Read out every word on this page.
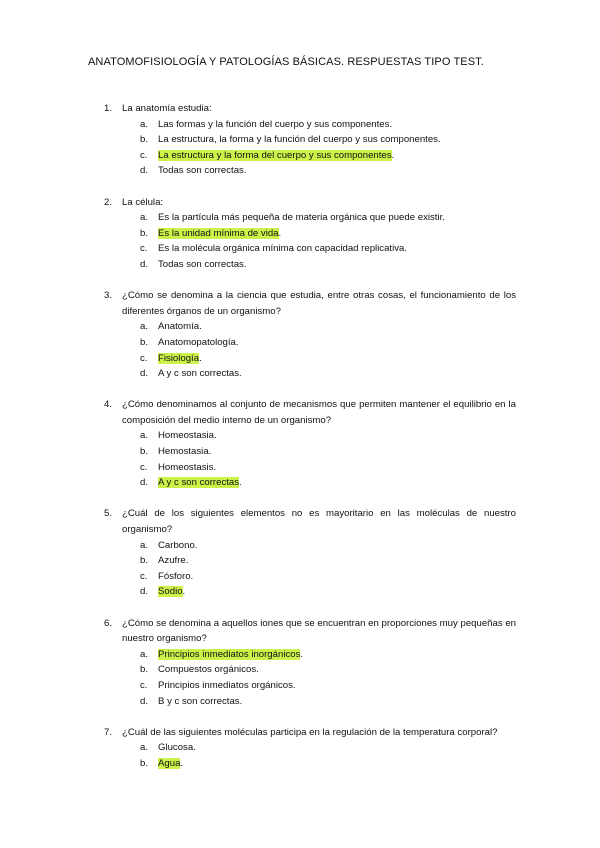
ANATOMOFISIOLOGÍA Y PATOLOGÍAS BÁSICAS. RESPUESTAS TIPO TEST.
1. La anatomía estudia:
a. Las formas y la función del cuerpo y sus componentes.
b. La estructura, la forma y la función del cuerpo y sus componentes.
c. La estructura y la forma del cuerpo y sus componentes.
d. Todas son correctas.
2. La célula:
a. Es la partícula más pequeña de materia orgánica que puede existir.
b. Es la unidad mínima de vida.
c. Es la molécula orgánica mínima con capacidad replicativa.
d. Todas son correctas.
3. ¿Cómo se denomina a la ciencia que estudia, entre otras cosas, el funcionamiento de los diferentes órganos de un organismo?
a. Anatomía.
b. Anatomopatología.
c. Fisiología.
d. A y c son correctas.
4. ¿Cómo denominamos al conjunto de mecanismos que permiten mantener el equilibrio en la composición del medio interno de un organismo?
a. Homeostasia.
b. Hemostasia.
c. Homeostasis.
d. A y c son correctas.
5. ¿Cuál de los siguientes elementos no es mayoritario en las moléculas de nuestro organismo?
a. Carbono.
b. Azufre.
c. Fósforo.
d. Sodio.
6. ¿Cómo se denomina a aquellos iones que se encuentran en proporciones muy pequeñas en nuestro organismo?
a. Principios inmediatos inorgánicos.
b. Compuestos orgánicos.
c. Principios inmediatos orgánicos.
d. B y c son correctas.
7. ¿Cuál de las siguientes moléculas participa en la regulación de la temperatura corporal?
a. Glucosa.
b. Agua.
